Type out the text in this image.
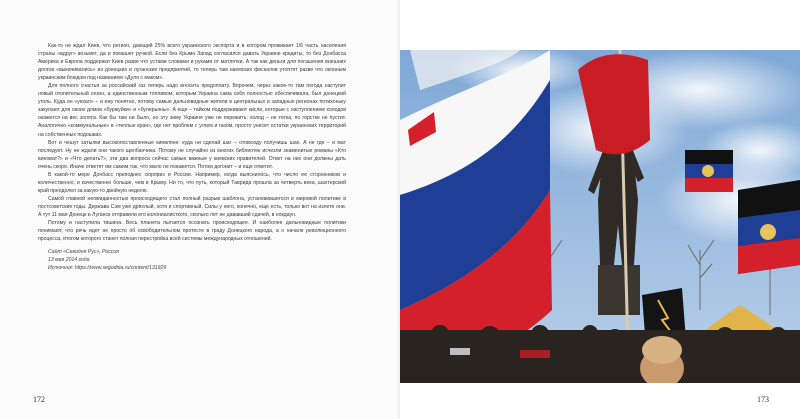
Как-то не ждал Киев, что регион, дающий 25% всего украинского экспорта и в котором проживает 1/6 часть населения страны «вдруг» возьмет, да и помашет ручкой. Если без Крыма Запад согласился давать Украине кредиты, то без Донбасса Америка и Европа поддержат Киев разве что устами словами и руками от матлятки. А так как деньги для погашения внешних долгов «выкачивались» из донецких и луганских предприятий, то теперь там наемских фискалов утоптят разве что оконным украинским блюдом под названием «Дуля с маком».

Для полного счастья за российский газ теперь надо вносить предоплату. Впрочем, через какое-то там погода наступит новый отопительный сезон, а единственным топливом, которым Украина сама себя полностью обеспечивала, был донецкий уголь. Куда он «уехал» – и ежу понятно, потому самые дальновидные жители в центральных и западных регионах потихоньку закупают для своих домов «буржуйки» и «булерьяны». А еще – тайком поддерживают кисле, которые с наступлением холодов окажется на вес золота. Как бы там ни было, но эту зиму Украине уже не пережить: холод – не тетка, по горстке не пустит. Аналогично «коммунальные» в «теплые края», где нет проблем с углем и газом, просто унесет остатки украинских территорий на собственных подошвах.

Вот и чешут затылки высокопоставленные киевляне: куда ни сделай шаг – отовсюду получишь шах. А не где – и мат последует. Ну не ждали они такого щелбанчика. Потому не случайно из многих библиотек исчезли знаменитые романы «Кто виноват?» и «Что делать?», эти два вопроса сейчас самые важные у киевских правителей. Ответ на них они должны дать очень скоро. Иначе ответят им самим так, что мало не покажется. Потом догонит – и еще ответит.

В какой-то мере Донбасс преподнес сюрприз и России. Например, когда выяснилось, что число ее сторонников и количественно, и качественно больше, чем в Крыму. Ни то, что путь, который Таврида прошла за четверть века, шахтерский край преодолел за какую-то двойную неделю.

Самой главной неожиданностью происходящего стал полный разрыв шаблона, установившегося в мировой политике в постсоветские годы. Держава Сэм уже дряхлый, хотя и спортивный. Силы у него, конечно, еще есть, только вот на излете они. А тут 11 мая Донецк и Луганск отправили его колониалисткого, сколько лет не дававший сдачей, в нокдаун.

Потому и наступила тишина. Весь планета пытается осознать происходящее. И наиболее дальновидные политики понимают, что речь идет не просто об освободительном протесте в граду Донецкого народа, а о начале революционного процесса, итогом которого станет полная перестройка всей системы международных отношений.

Сайт «Секодня Рус», Россия
13 мая 2014 года
Источник: https://www.segodnia.ru/content/131929
172	173
